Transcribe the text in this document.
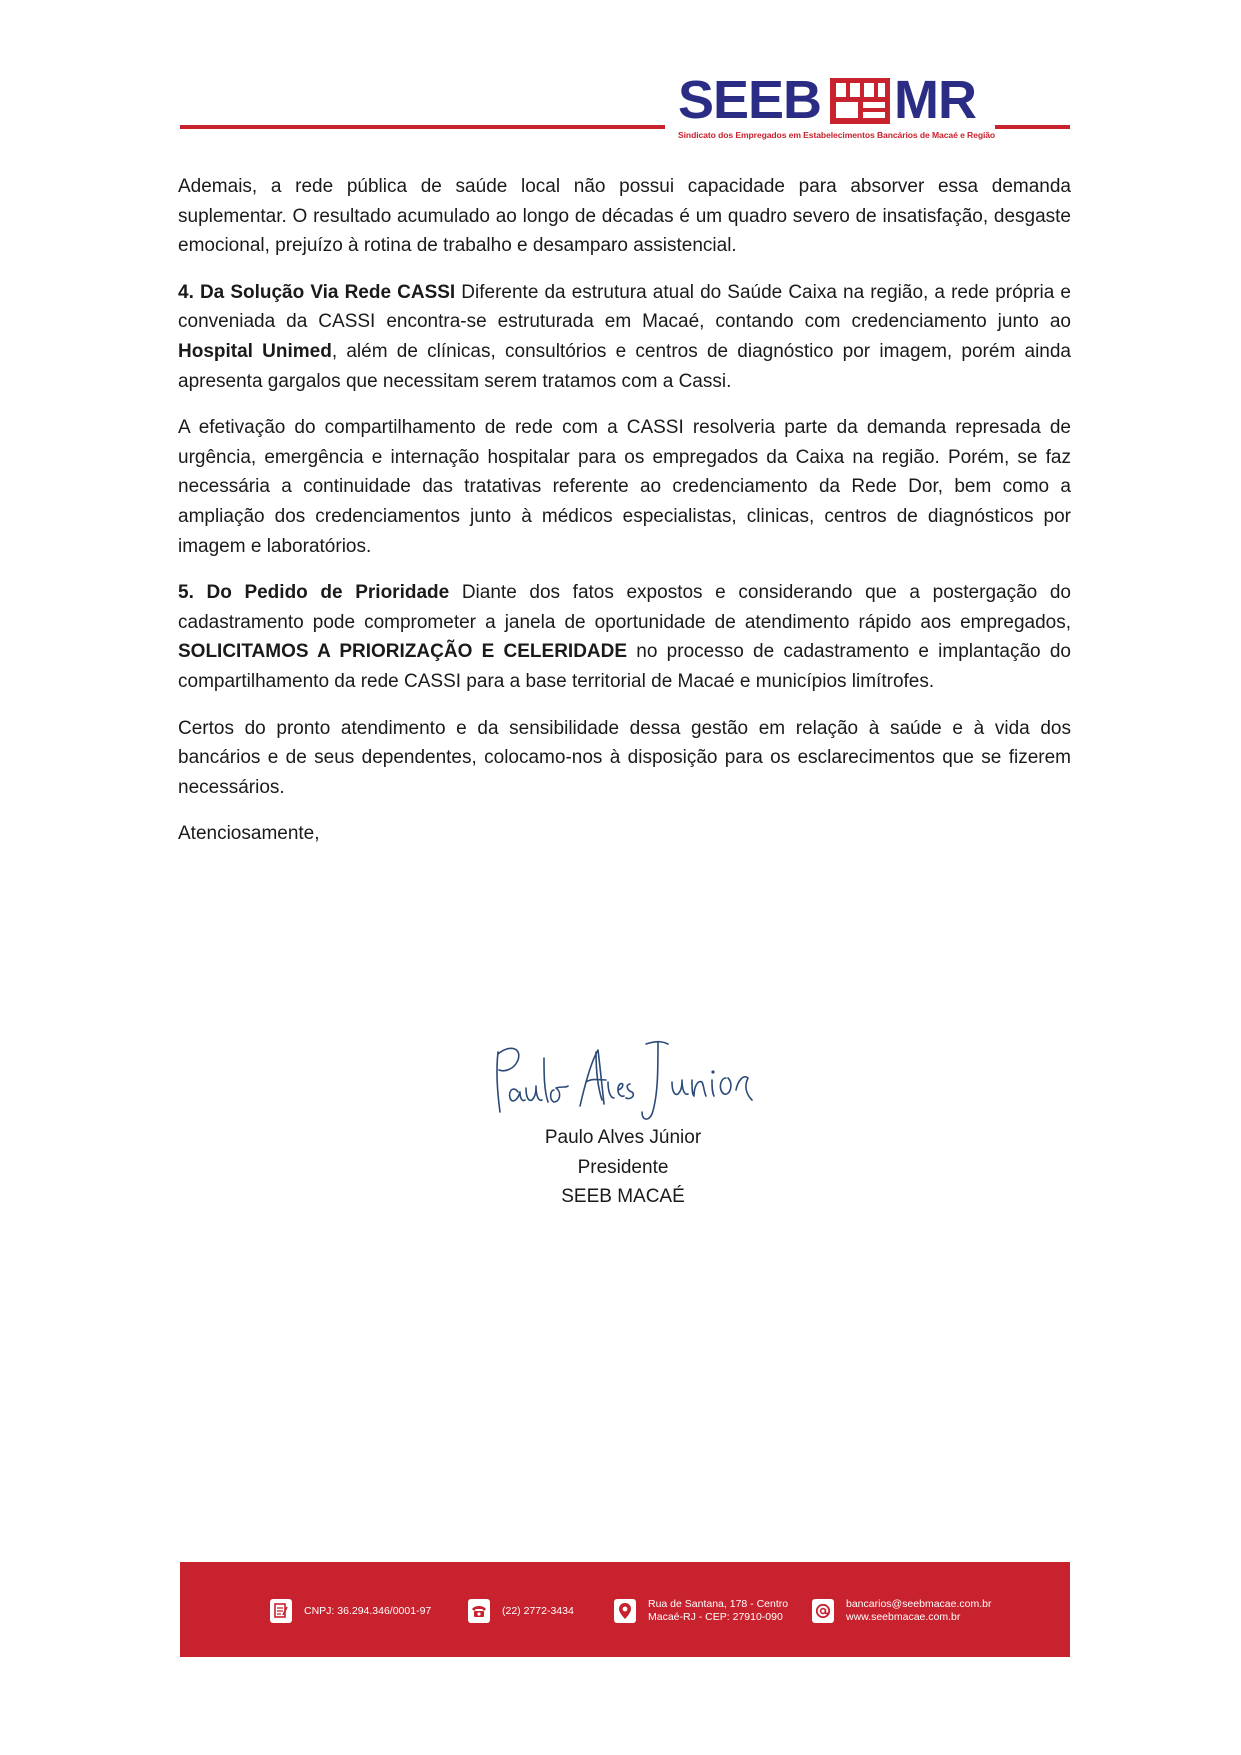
SEEB MR
Sindicato dos Empregados em Estabelecimentos Bancários de Macaé e Região

Ademais, a rede pública de saúde local não possui capacidade para absorver essa demanda suplementar. O resultado acumulado ao longo de décadas é um quadro severo de insatisfação, desgaste emocional, prejuízo à rotina de trabalho e desamparo assistencial.

4. Da Solução Via Rede CASSI Diferente da estrutura atual do Saúde Caixa na região, a rede própria e conveniada da CASSI encontra-se estruturada em Macaé, contando com credenciamento junto ao Hospital Unimed, além de clínicas, consultórios e centros de diagnóstico por imagem, porém ainda apresenta gargalos que necessitam serem tratamos com a Cassi.

A efetivação do compartilhamento de rede com a CASSI resolveria parte da demanda represada de urgência, emergência e internação hospitalar para os empregados da Caixa na região. Porém, se faz necessária a continuidade das tratativas referente ao credenciamento da Rede Dor, bem como a ampliação dos credenciamentos junto à médicos especialistas, clinicas, centros de diagnósticos por imagem e laboratórios.

5. Do Pedido de Prioridade Diante dos fatos expostos e considerando que a postergação do cadastramento pode comprometer a janela de oportunidade de atendimento rápido aos empregados, SOLICITAMOS A PRIORIZAÇÃO E CELERIDADE no processo de cadastramento e implantação do compartilhamento da rede CASSI para a base territorial de Macaé e municípios limítrofes.

Certos do pronto atendimento e da sensibilidade dessa gestão em relação à saúde e à vida dos bancários e de seus dependentes, colocamo-nos à disposição para os esclarecimentos que se fizerem necessários.

Atenciosamente,

Paulo Alves Júnior
Presidente
SEEB MACAÉ
CNPJ: 36.294.346/0001-97	(22) 2772-3434
Rua de Santana, 178 - Centro
Macaé-RJ - CEP: 27910-090
bancarios@seebmacae.com.br
www.seebmacae.com.br
